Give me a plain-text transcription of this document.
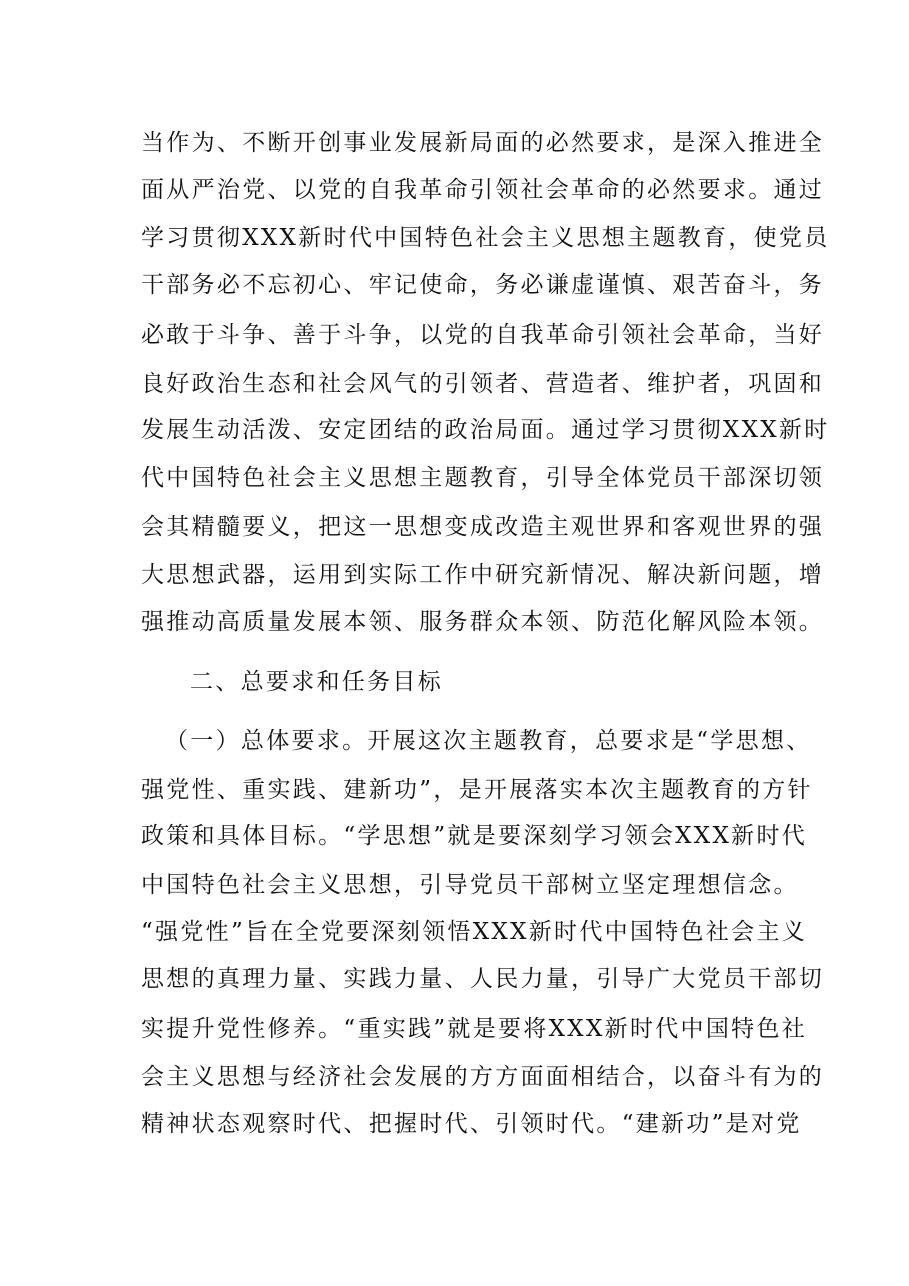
当作为、不断开创事业发展新局面的必然要求，是深入推进全
面从严治党、以党的自我革命引领社会革命的必然要求。通过
学习贯彻XXX新时代中国特色社会主义思想主题教育，使党员
干部务必不忘初心、牢记使命，务必谦虚谨慎、艰苦奋斗，务
必敢于斗争、善于斗争，以党的自我革命引领社会革命，当好
良好政治生态和社会风气的引领者、营造者、维护者，巩固和
发展生动活泼、安定团结的政治局面。通过学习贯彻XXX新时
代中国特色社会主义思想主题教育，引导全体党员干部深切领
会其精髓要义，把这一思想变成改造主观世界和客观世界的强
大思想武器，运用到实际工作中研究新情况、解决新问题，增
强推动高质量发展本领、服务群众本领、防范化解风险本领。
二、总要求和任务目标
（一）总体要求。开展这次主题教育，总要求是“学思想、
强党性、重实践、建新功”，是开展落实本次主题教育的方针
政策和具体目标。“学思想”就是要深刻学习领会XXX新时代
中国特色社会主义思想，引导党员干部树立坚定理想信念。
“强党性”旨在全党要深刻领悟XXX新时代中国特色社会主义
思想的真理力量、实践力量、人民力量，引导广大党员干部切
实提升党性修养。“重实践”就是要将XXX新时代中国特色社
会主义思想与经济社会发展的方方面面相结合，以奋斗有为的
精神状态观察时代、把握时代、引领时代。“建新功”是对党
